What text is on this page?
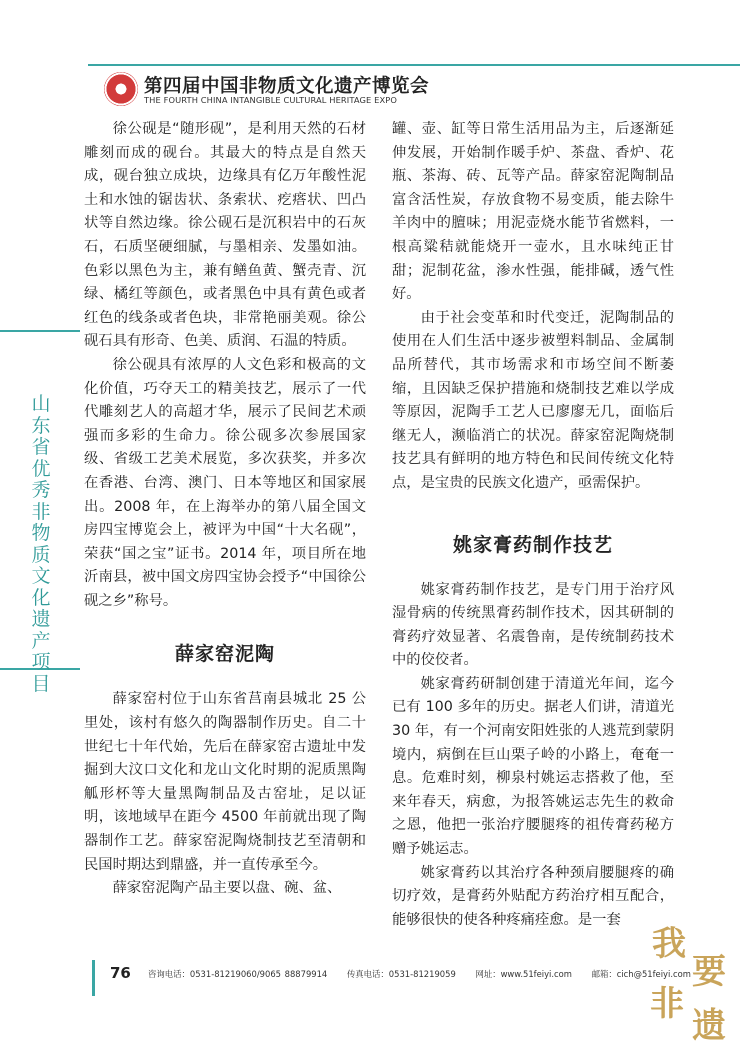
第四届中国非物质文化遗产博览会
THE FOURTH CHINA INTANGIBLE CULTURAL HERITAGE EXPO
山东省优秀非物质文化遗产项目

徐公砚是“随形砚”，是利用天然的石材雕刻而成的砚台。其最大的特点是自然天成，砚台独立成块，边缘具有亿万年酸性泥土和水蚀的锯齿状、条索状、疙瘩状、凹凸状等自然边缘。徐公砚石是沉积岩中的石灰石，石质坚硬细腻，与墨相亲、发墨如油。色彩以黑色为主，兼有鳝鱼黄、蟹壳青、沉绿、橘红等颜色，或者黑色中具有黄色或者红色的线条或者色块，非常艳丽美观。徐公砚石具有形奇、色美、质润、石温的特质。

徐公砚具有浓厚的人文色彩和极高的文化价值，巧夺天工的精美技艺，展示了一代代雕刻艺人的高超才华，展示了民间艺术顽强而多彩的生命力。徐公砚多次参展国家级、省级工艺美术展览，多次获奖，并多次在香港、台湾、澳门、日本等地区和国家展出。2008 年，在上海举办的第八届全国文房四宝博览会上，被评为中国“十大名砚”，荣获“国之宝”证书。2014 年，项目所在地沂南县，被中国文房四宝协会授予“中国徐公砚之乡”称号。

薛家窑泥陶

薛家窑村位于山东省莒南县城北 25 公里处，该村有悠久的陶器制作历史。自二十世纪七十年代始，先后在薛家窑古遗址中发掘到大汶口文化和龙山文化时期的泥质黑陶觚形杯等大量黑陶制品及古窑址，足以证明，该地域早在距今 4500 年前就出现了陶器制作工艺。薛家窑泥陶烧制技艺至清朝和民国时期达到鼎盛，并一直传承至今。

薛家窑泥陶产品主要以盘、碗、盆、

罐、壶、缸等日常生活用品为主，后逐渐延伸发展，开始制作暖手炉、茶盘、香炉、花瓶、茶海、砖、瓦等产品。薛家窑泥陶制品富含活性炭，存放食物不易变质，能去除牛羊肉中的膻味；用泥壶烧水能节省燃料，一根高粱秸就能烧开一壶水，且水味纯正甘甜；泥制花盆，渗水性强，能排碱，透气性好。

由于社会变革和时代变迁，泥陶制品的使用在人们生活中逐步被塑料制品、金属制品所替代，其市场需求和市场空间不断萎缩，且因缺乏保护措施和烧制技艺难以学成等原因，泥陶手工艺人已廖廖无几，面临后继无人，濒临消亡的状况。薛家窑泥陶烧制技艺具有鲜明的地方特色和民间传统文化特点，是宝贵的民族文化遗产，亟需保护。

姚家膏药制作技艺

姚家膏药制作技艺，是专门用于治疗风湿骨病的传统黑膏药制作技术，因其研制的膏药疗效显著、名震鲁南，是传统制药技术中的佼佼者。

姚家膏药研制创建于清道光年间，迄今已有 100 多年的历史。据老人们讲，清道光 30 年，有一个河南安阳姓张的人逃荒到蒙阴境内，病倒在巨山栗子岭的小路上，奄奄一息。危难时刻，柳泉村姚运志搭救了他，至来年春天，病愈，为报答姚运志先生的救命之恩，他把一张治疗腰腿疼的祖传膏药秘方赠予姚运志。

姚家膏药以其治疗各种颈肩腰腿疼的确切疗效，是膏药外贴配方药治疗相互配合，能够很快的使各种疼痛痊愈。是一套

76 咨询电话：0531-81219060/9065 88879914 传真电话：0531-81219059 网址：www.51feiyi.com 邮箱：cich@51feiyi.com
我
要
非
遗
